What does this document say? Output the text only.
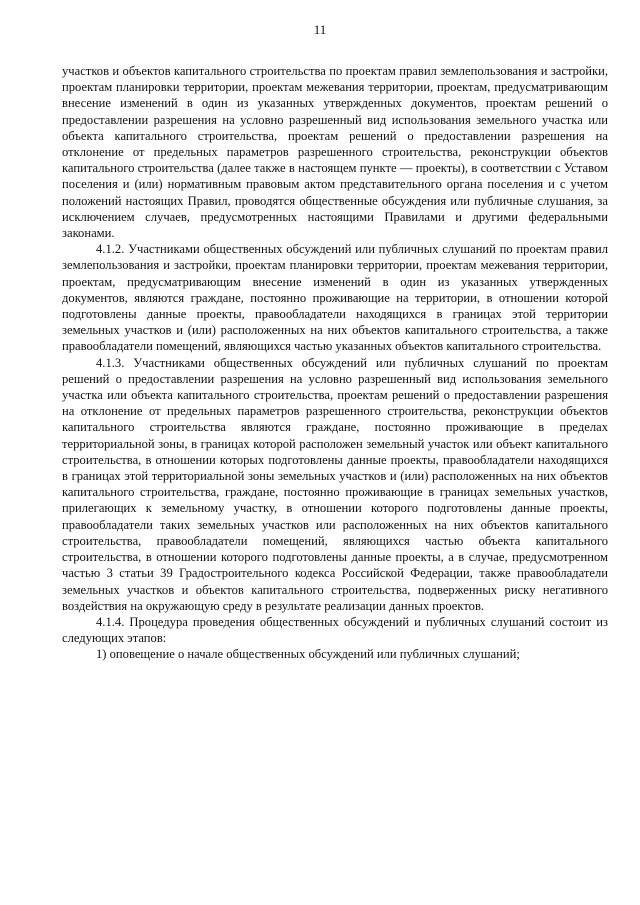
11

участков и объектов капитального строительства по проектам правил землепользования и застройки, проектам планировки территории, проектам межевания территории, проектам, предусматривающим внесение изменений в один из указанных утвержденных документов, проектам решений о предоставлении разрешения на условно разрешенный вид использования земельного участка или объекта капитального строительства, проектам решений о предоставлении разрешения на отклонение от предельных параметров разрешенного строительства, реконструкции объектов капитального строительства (далее также в настоящем пункте — проекты), в соответствии с Уставом поселения и (или) нормативным правовым актом представительного органа поселения и с учетом положений настоящих Правил, проводятся общественные обсуждения или публичные слушания, за исключением случаев, предусмотренных настоящими Правилами и другими федеральными законами.

4.1.2. Участниками общественных обсуждений или публичных слушаний по проектам правил землепользования и застройки, проектам планировки территории, проектам межевания территории, проектам, предусматривающим внесение изменений в один из указанных утвержденных документов, являются граждане, постоянно проживающие на территории, в отношении которой подготовлены данные проекты, правообладатели находящихся в границах этой территории земельных участков и (или) расположенных на них объектов капитального строительства, а также правообладатели помещений, являющихся частью указанных объектов капитального строительства.

4.1.3. Участниками общественных обсуждений или публичных слушаний по проектам решений о предоставлении разрешения на условно разрешенный вид использования земельного участка или объекта капитального строительства, проектам решений о предоставлении разрешения на отклонение от предельных параметров разрешенного строительства, реконструкции объектов капитального строительства являются граждане, постоянно проживающие в пределах территориальной зоны, в границах которой расположен земельный участок или объект капитального строительства, в отношении которых подготовлены данные проекты, правообладатели находящихся в границах этой территориальной зоны земельных участков и (или) расположенных на них объектов капитального строительства, граждане, постоянно проживающие в границах земельных участков, прилегающих к земельному участку, в отношении которого подготовлены данные проекты, правообладатели таких земельных участков или расположенных на них объектов капитального строительства, правообладатели помещений, являющихся частью объекта капитального строительства, в отношении которого подготовлены данные проекты, а в случае, предусмотренном частью 3 статьи 39 Градостроительного кодекса Российской Федерации, также правообладатели земельных участков и объектов капитального строительства, подверженных риску негативного воздействия на окружающую среду в результате реализации данных проектов.

4.1.4. Процедура проведения общественных обсуждений и публичных слушаний состоит из следующих этапов:

1) оповещение о начале общественных обсуждений или публичных слушаний;
